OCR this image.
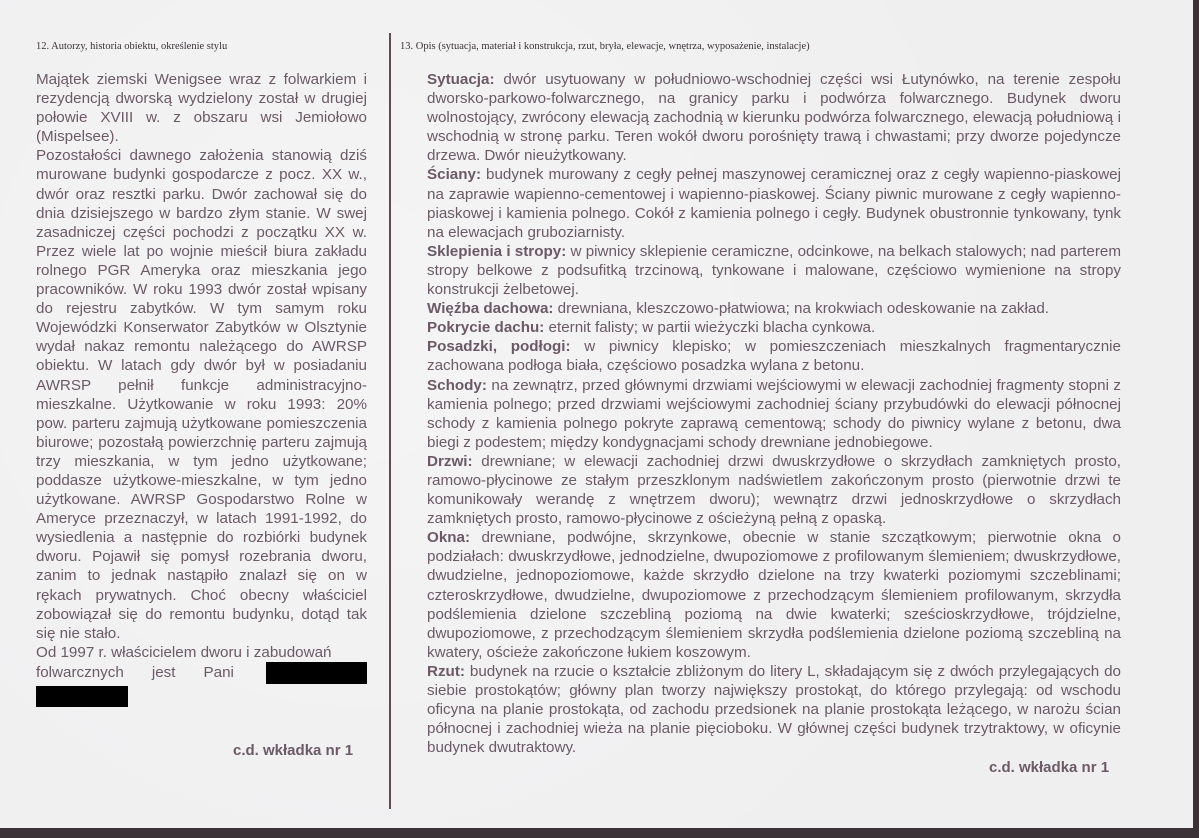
12. Autorzy, historia obiektu, określenie stylu	13. Opis (sytuacja, materiał i konstrukcja, rzut, bryła, elewacje, wnętrza, wyposażenie, instalacje)

Majątek ziemski Wenigsee wraz z folwarkiem i rezydencją dworską wydzielony został w drugiej połowie XVIII w. z obszaru wsi Jemiołowo (Mispelsee).

Pozostałości dawnego założenia stanowią dziś murowane budynki gospodarcze z pocz. XX w., dwór oraz resztki parku. Dwór zachował się do dnia dzisiejszego w bardzo złym stanie. W swej zasadniczej części pochodzi z początku XX w. Przez wiele lat po wojnie mieścił biura zakładu rolnego PGR Ameryka oraz mieszkania jego pracowników. W roku 1993 dwór został wpisany do rejestru zabytków. W tym samym roku Wojewódzki Konserwator Zabytków w Olsztynie wydał nakaz remontu należącego do AWRSP obiektu. W latach gdy dwór był w posiadaniu AWRSP pełnił funkcje administracyjno-mieszkalne. Użytkowanie w roku 1993: 20% pow. parteru zajmują użytkowane pomieszczenia biurowe; pozostałą powierzchnię parteru zajmują trzy mieszkania, w tym jedno użytkowane; poddasze użytkowe-mieszkalne, w tym jedno użytkowane. AWRSP Gospodarstwo Rolne w Ameryce przeznaczył, w latach 1991-1992, do wysiedlenia a następnie do rozbiórki budynek dworu. Pojawił się pomysł rozebrania dworu, zanim to jednak nastąpiło znalazł się on w rękach prywatnych. Choć obecny właściciel zobowiązał się do remontu budynku, dotąd tak się nie stało.

Od 1997 r. właścicielem dworu i zabudowań

folwarcznych jest Pani
c.d. wkładka nr 1

Sytuacja: dwór usytuowany w południowo-wschodniej części wsi Łutynówko, na terenie zespołu dworsko-parkowo-folwarcznego, na granicy parku i podwórza folwarcznego. Budynek dworu wolnostojący, zwrócony elewacją zachodnią w kierunku podwórza folwarcznego, elewacją południową i wschodnią w stronę parku. Teren wokół dworu porośnięty trawą i chwastami; przy dworze pojedyncze drzewa. Dwór nieużytkowany.

Ściany: budynek murowany z cegły pełnej maszynowej ceramicznej oraz z cegły wapienno-piaskowej na zaprawie wapienno-cementowej i wapienno-piaskowej. Ściany piwnic murowane z cegły wapienno-piaskowej i kamienia polnego. Cokół z kamienia polnego i cegły. Budynek obustronnie tynkowany, tynk na elewacjach gruboziarnisty.

Sklepienia i stropy: w piwnicy sklepienie ceramiczne, odcinkowe, na belkach stalowych; nad parterem stropy belkowe z podsufitką trzcinową, tynkowane i malowane, częściowo wymienione na stropy konstrukcji żelbetowej.

Więźba dachowa: drewniana, kleszczowo-płatwiowa; na krokwiach odeskowanie na zakład.

Pokrycie dachu: eternit falisty; w partii wieżyczki blacha cynkowa.

Posadzki, podłogi: w piwnicy klepisko; w pomieszczeniach mieszkalnych fragmentarycznie zachowana podłoga biała, częściowo posadzka wylana z betonu.

Schody: na zewnątrz, przed głównymi drzwiami wejściowymi w elewacji zachodniej fragmenty stopni z kamienia polnego; przed drzwiami wejściowymi zachodniej ściany przybudówki do elewacji północnej schody z kamienia polnego pokryte zaprawą cementową; schody do piwnicy wylane z betonu, dwa biegi z podestem; między kondygnacjami schody drewniane jednobiegowe.

Drzwi: drewniane; w elewacji zachodniej drzwi dwuskrzydłowe o skrzydłach zamkniętych prosto, ramowo-płycinowe ze stałym przeszklonym nadświetlem zakończonym prosto (pierwotnie drzwi te komunikowały werandę z wnętrzem dworu); wewnątrz drzwi jednoskrzydłowe o skrzydłach zamkniętych prosto, ramowo-płycinowe z ościeżyną pełną z opaską.

Okna: drewniane, podwójne, skrzynkowe, obecnie w stanie szczątkowym; pierwotnie okna o podziałach: dwuskrzydłowe, jednodzielne, dwupoziomowe z profilowanym ślemieniem; dwuskrzydłowe, dwudzielne, jednopoziomowe, każde skrzydło dzielone na trzy kwaterki poziomymi szczeblinami; czteroskrzydłowe, dwudzielne, dwupoziomowe z przechodzącym ślemieniem profilowanym, skrzydła podślemienia dzielone szczebliną poziomą na dwie kwaterki; sześcioskrzydłowe, trójdzielne, dwupoziomowe, z przechodzącym ślemieniem skrzydła podślemienia dzielone poziomą szczebliną na kwatery, ościeże zakończone łukiem koszowym.

Rzut: budynek na rzucie o kształcie zbliżonym do litery L, składającym się z dwóch przylegających do siebie prostokątów; główny plan tworzy największy prostokąt, do którego przylegają: od wschodu oficyna na planie prostokąta, od zachodu przedsionek na planie prostokąta leżącego, w narożu ścian północnej i zachodniej wieża na planie pięcioboku. W głównej części budynek trzytraktowy, w oficynie budynek dwutraktowy.

c.d. wkładka nr 1
